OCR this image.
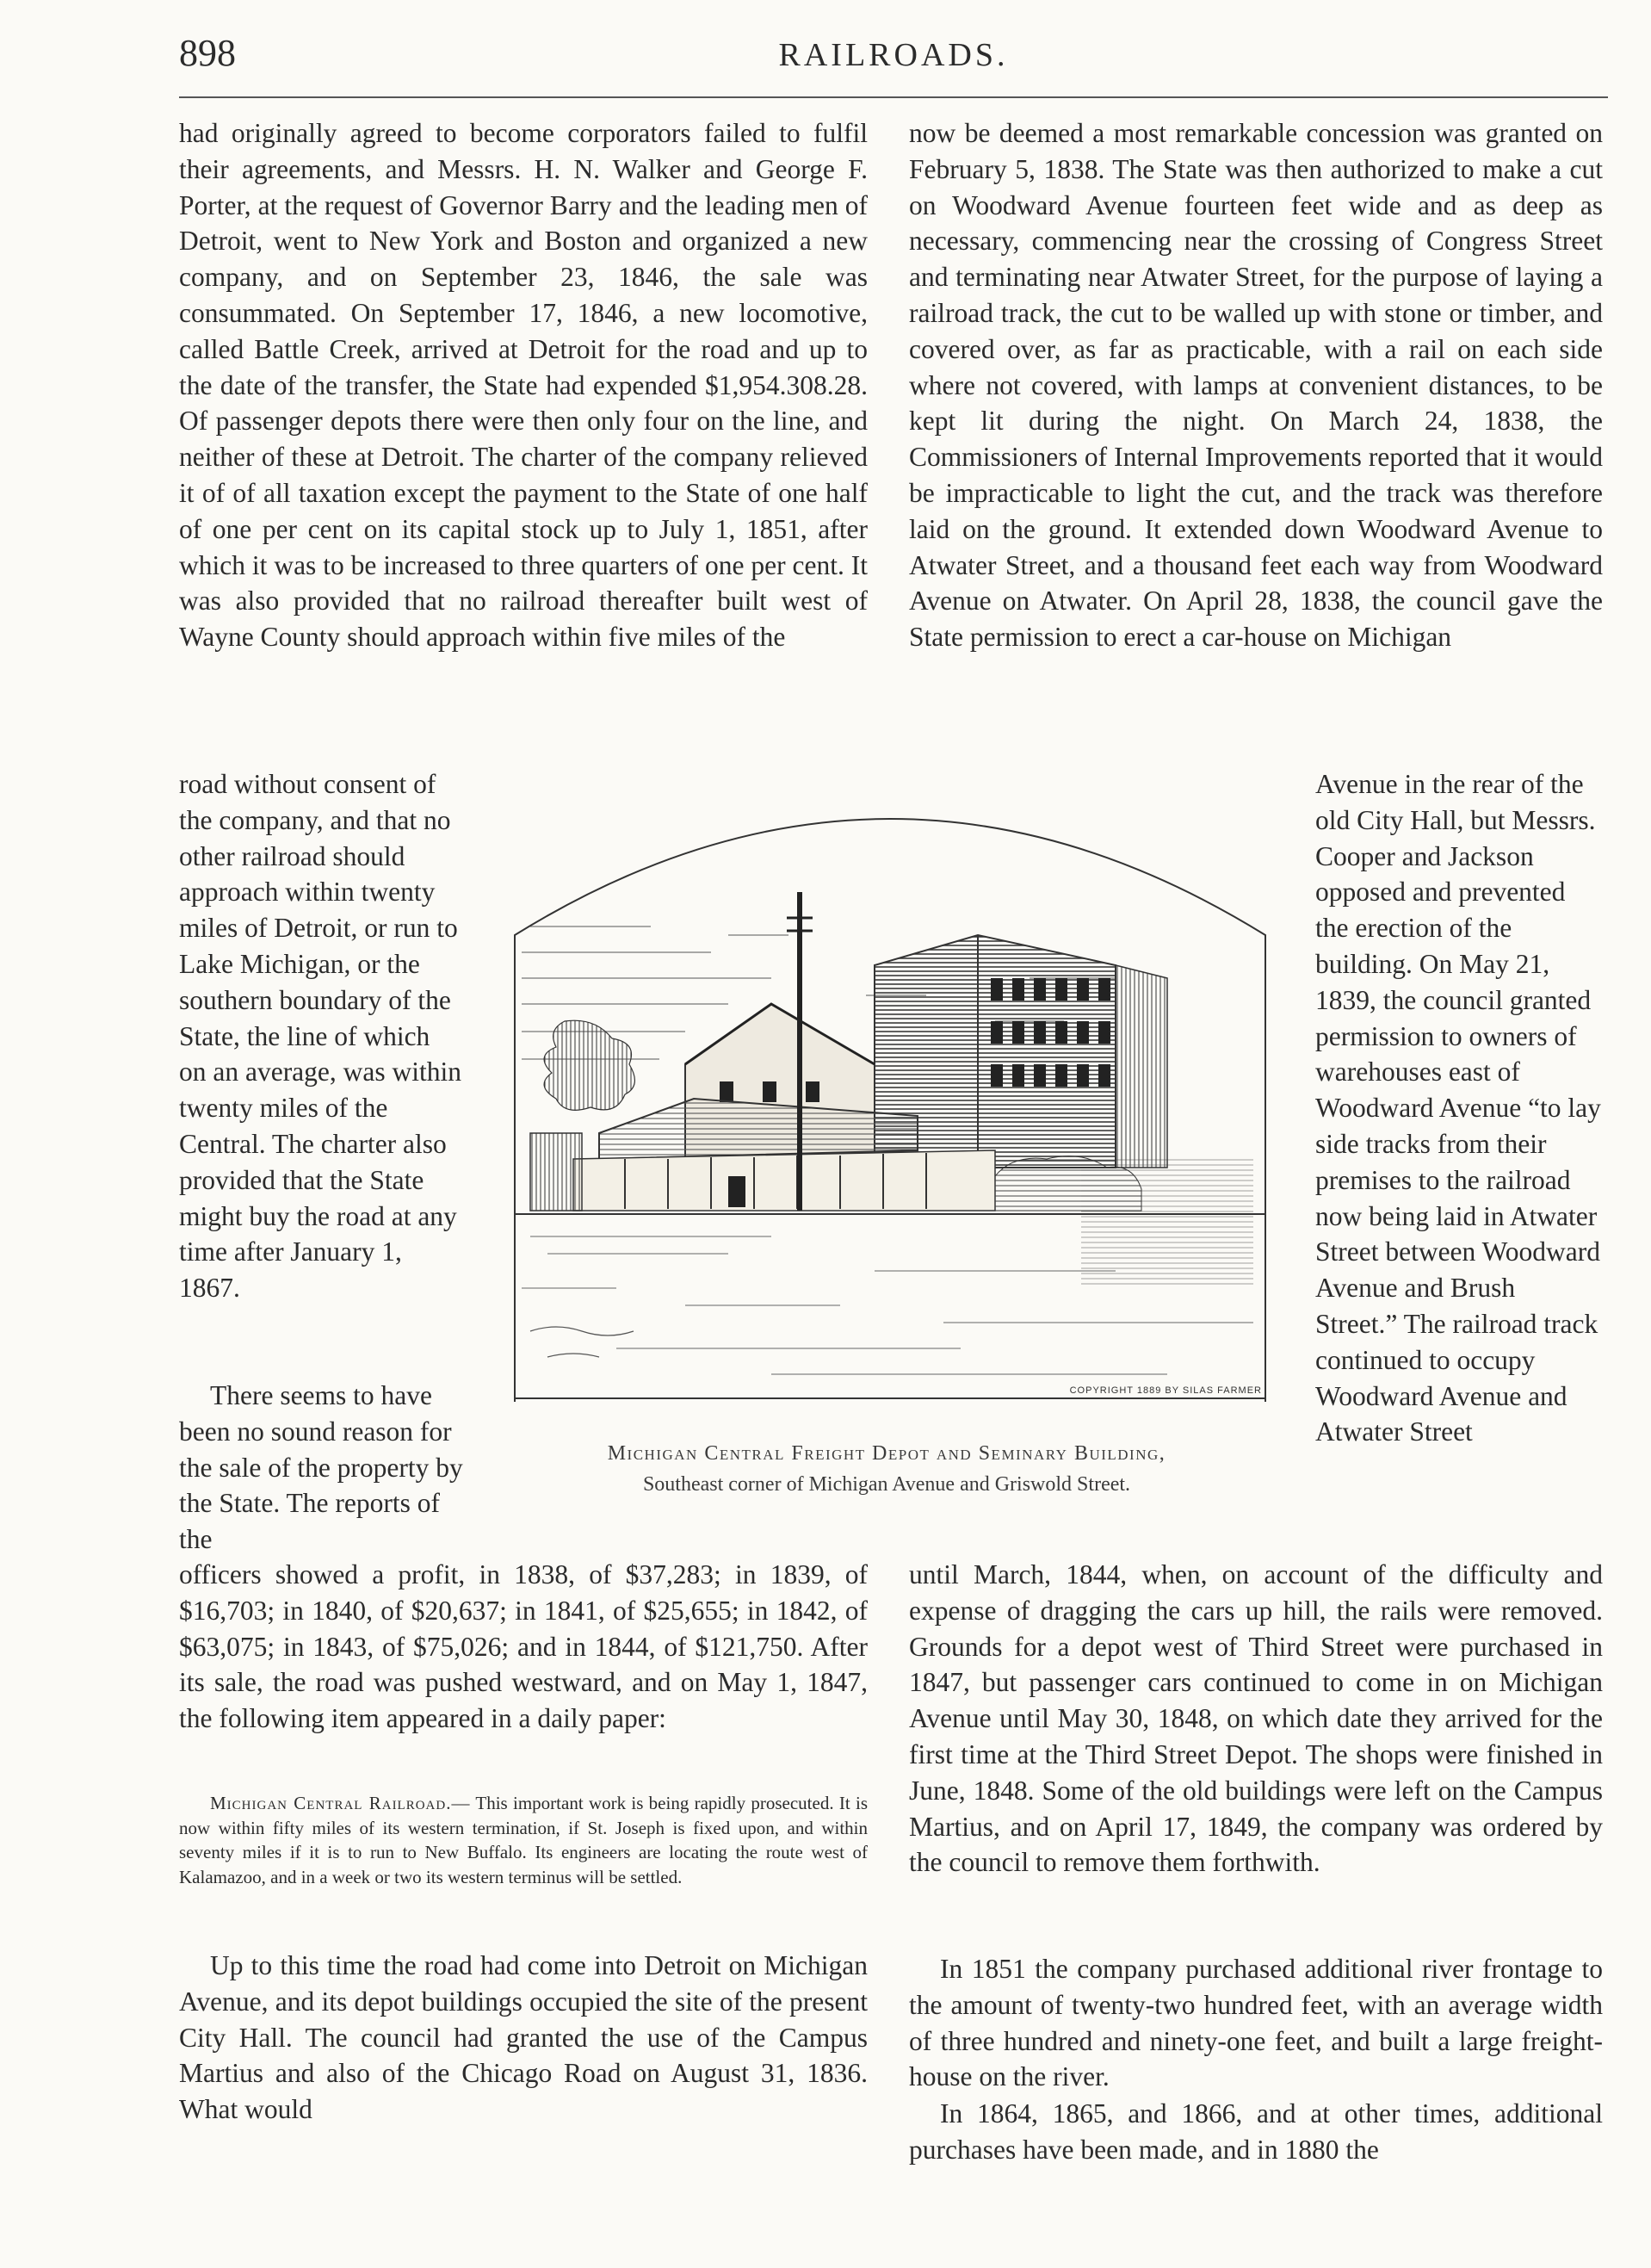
898	RAILROADS.

had originally agreed to become corporators failed to fulfil their agreements, and Messrs. H. N. Walker and George F. Porter, at the request of Governor Barry and the leading men of Detroit, went to New York and Boston and organized a new company, and on September 23, 1846, the sale was consummated. On September 17, 1846, a new locomotive, called Battle Creek, arrived at Detroit for the road and up to the date of the transfer, the State had expended $1,954.308.28. Of passenger depots there were then only four on the line, and neither of these at Detroit. The charter of the company relieved it of of all taxation except the payment to the State of one half of one per cent on its capital stock up to July 1, 1851, after which it was to be increased to three quarters of one per cent. It was also provided that no railroad thereafter built west of Wayne County should approach within five miles of the

road without consent of the company, and that no other railroad should approach within twenty miles of Detroit, or run to Lake Michigan, or the southern boundary of the State, the line of which on an average, was within twenty miles of the Central. The charter also provided that the State might buy the road at any time after January 1, 1867.

There seems to have been no sound reason for the sale of the property by the State. The reports of the

officers showed a profit, in 1838, of $37,283; in 1839, of $16,703; in 1840, of $20,637; in 1841, of $25,655; in 1842, of $63,075; in 1843, of $75,026; and in 1844, of $121,750. After its sale, the road was pushed westward, and on May 1, 1847, the following item appeared in a daily paper:

Michigan Central Railroad.— This important work is being rapidly prosecuted. It is now within fifty miles of its western termination, if St. Joseph is fixed upon, and within seventy miles if it is to run to New Buffalo. Its engineers are locating the route west of Kalamazoo, and in a week or two its western terminus will be settled.

Up to this time the road had come into Detroit on Michigan Avenue, and its depot buildings occupied the site of the present City Hall. The council had granted the use of the Campus Martius and also of the Chicago Road on August 31, 1836. What would

now be deemed a most remarkable concession was granted on February 5, 1838. The State was then authorized to make a cut on Woodward Avenue fourteen feet wide and as deep as necessary, commencing near the crossing of Congress Street and terminating near Atwater Street, for the purpose of laying a railroad track, the cut to be walled up with stone or timber, and covered over, as far as practicable, with a rail on each side where not covered, with lamps at convenient distances, to be kept lit during the night. On March 24, 1838, the Commissioners of Internal Improvements reported that it would be impracticable to light the cut, and the track was therefore laid on the ground. It extended down Woodward Avenue to Atwater Street, and a thousand feet each way from Woodward Avenue on Atwater. On April 28, 1838, the council gave the State permission to erect a car-house on Michigan

Avenue in the rear of the old City Hall, but Messrs. Cooper and Jackson opposed and prevented the erection of the building. On May 21, 1839, the council granted permission to owners of warehouses east of Woodward Avenue “to lay side tracks from their premises to the railroad now being laid in Atwater Street between Woodward Avenue and Brush Street.” The railroad track continued to occupy Woodward Avenue and Atwater Street

until March, 1844, when, on account of the difficulty and expense of dragging the cars up hill, the rails were removed. Grounds for a depot west of Third Street were purchased in 1847, but passenger cars continued to come in on Michigan Avenue until May 30, 1848, on which date they arrived for the first time at the Third Street Depot. The shops were finished in June, 1848. Some of the old buildings were left on the Campus Martius, and on April 17, 1849, the company was ordered by the council to remove them forthwith.

In 1851 the company purchased additional river frontage to the amount of twenty-two hundred feet, with an average width of three hundred and ninety-one feet, and built a large freight-house on the river.

In 1864, 1865, and 1866, and at other times, additional purchases have been made, and in 1880 the

COPYRIGHT 1889 BY SILAS FARMER
Michigan Central Freight Depot and Seminary Building,
Southeast corner of Michigan Avenue and Griswold Street.
